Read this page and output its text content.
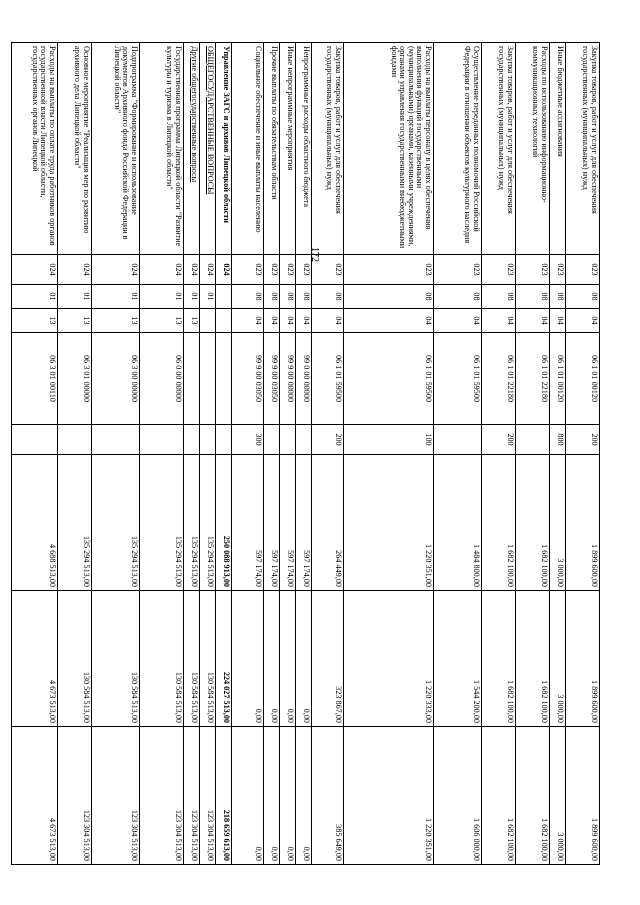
172
Закупка товаров, работ и услуг для обеспечения государственных (муниципальных) нужд	023	08	04	06 1 01 00120	200	1 899 600,00	1 899 600,00	1 899 600,00
Иные бюджетные ассигнования	023	08	04	06 1 01 00120	800	3 000,00	3 000,00	3 000,00
Расходы по использованию информационно-коммуникационных технологий	023	08	04	06 1 01 22180		1 682 100,00	1 682 100,00	1 682 100,00
Закупка товаров, работ и услуг для обеспечения государственных (муниципальных) нужд	023	08	04	06 1 01 22180	200	1 682 100,00	1 682 100,00	1 682 100,00
Осуществление переданных полномочий Российской Федерации в отношении объектов культурного наследия	023	08	04	06 1 01 59500		1 484 800,00	1 544 200,00	1 606 000,00
Расходы на выплаты персоналу в целях обеспечения выполнения функций государственными (муниципальными) органами, казенными учреждениями, органами управления государственными внебюджетными фондами	023	08	04	06 1 01 59500	100	1 220 351,00	1 220 333,00	1 220 351,00
Закупка товаров, работ и услуг для обеспечения государственных (муниципальных) нужд	023	08	04	06 1 01 59500	200	264 449,00	323 867,00	385 649,00
Непрограммные расходы областного бюджета	023	08	04	99 0 00 00000		597 174,00	0,00	0,00
Иные непрограммные мероприятия	023	08	04	99 9 00 00000		597 174,00	0,00	0,00
Прочие выплаты по обязательствам области	023	08	04	99 9 00 03050		597 174,00	0,00	0,00
Социальное обеспечение и иные выплаты населению	023	08	04	99 9 00 03050	300	597 174,00	0,00	0,00
Управление ЗАГС и архивов Липецкой области	024					250 088 913,00	224 027 513,00	218 659 613,00
ОБЩЕГОСУДАРСТВЕННЫЕ ВОПРОСЫ	024	01				135 294 513,00	130 584 513,00	123 304 513,00
Другие общегосударственные вопросы	024	01	13			135 294 513,00	130 584 513,00	123 304 513,00
Государственная программа Липецкой области "Развитие культуры и туризма в Липецкой области"	024	01	13	06 0 00 00000		135 294 513,00	130 584 513,00	123 304 513,00
Подпрограмма "Формирование и использование документов Архивного фонда Российской Федерации в Липецкой области"	024	01	13	06 3 00 00000		135 294 513,00	130 584 513,00	123 304 513,00
Основное мероприятие "Реализация мер по развитию архивного дела Липецкой области"	024	01	13	06 3 01 00000		135 294 513,00	130 584 513,00	123 304 513,00
Расходы на выплаты по оплате труда работников органов государственной власти Липецкой области, государственных органов Липецкой	024	01	13	06 3 01 00110		4 688 513,00	4 673 513,00	4 673 513,00
